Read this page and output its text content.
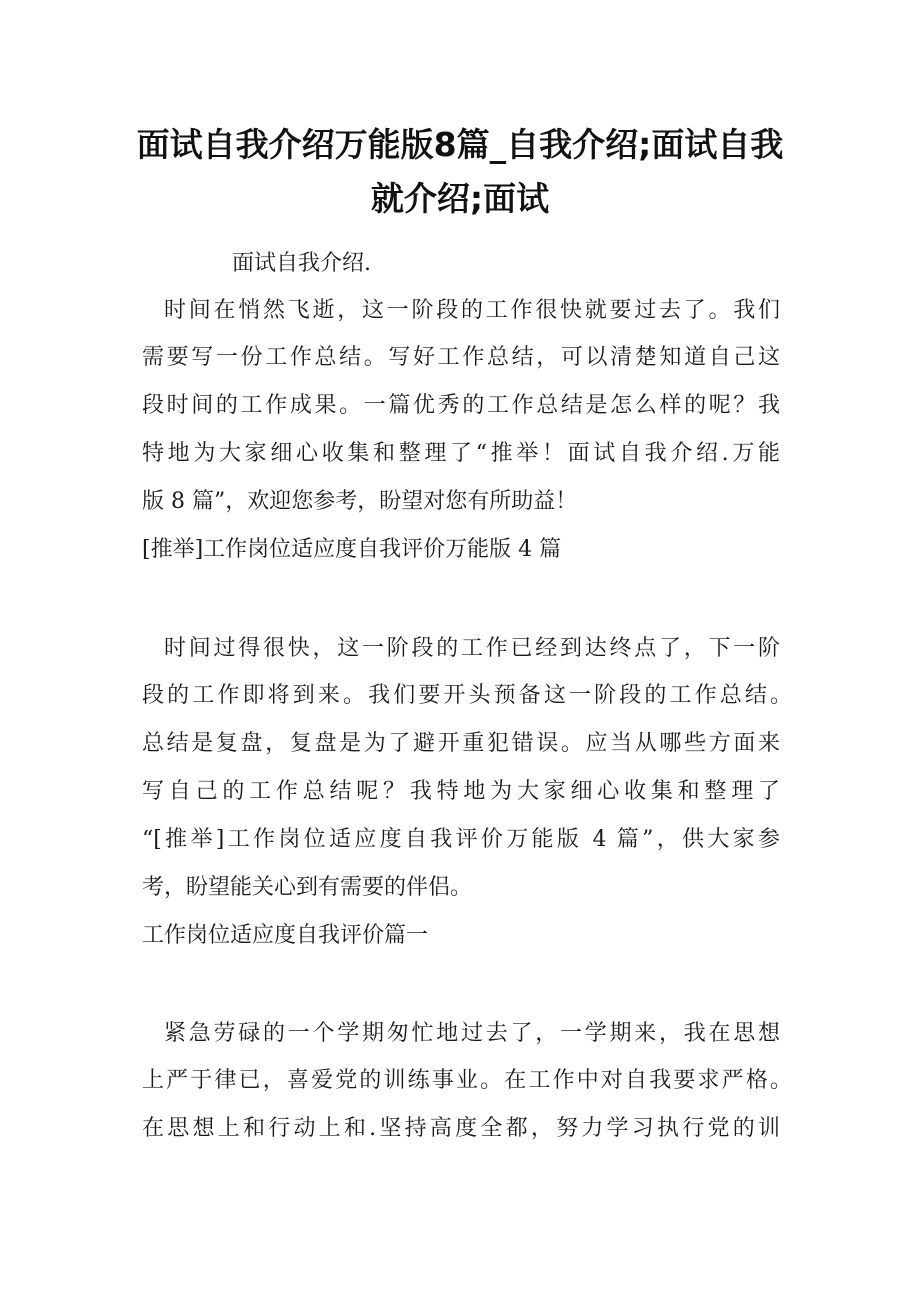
面试自我介绍万能版8篇_自我介绍;面试自我就介绍;面试

面试自我介绍.

时间在悄然飞逝，这一阶段的工作很快就要过去了。我们

需要写一份工作总结。写好工作总结，可以清楚知道自己这

段时间的工作成果。一篇优秀的工作总结是怎么样的呢？我

特地为大家细心收集和整理了“推举！面试自我介绍.万能

版 8 篇”，欢迎您参考，盼望对您有所助益！

[推举]工作岗位适应度自我评价万能版 4 篇

时间过得很快，这一阶段的工作已经到达终点了，下一阶

段的工作即将到来。我们要开头预备这一阶段的工作总结。

总结是复盘，复盘是为了避开重犯错误。应当从哪些方面来

写自己的工作总结呢？我特地为大家细心收集和整理了

“[推举]工作岗位适应度自我评价万能版 4 篇”，供大家参

考，盼望能关心到有需要的伴侣。

工作岗位适应度自我评价篇一

紧急劳碌的一个学期匆忙地过去了，一学期来，我在思想

上严于律已，喜爱党的训练事业。在工作中对自我要求严格。

在思想上和行动上和.坚持高度全都，努力学习执行党的训
